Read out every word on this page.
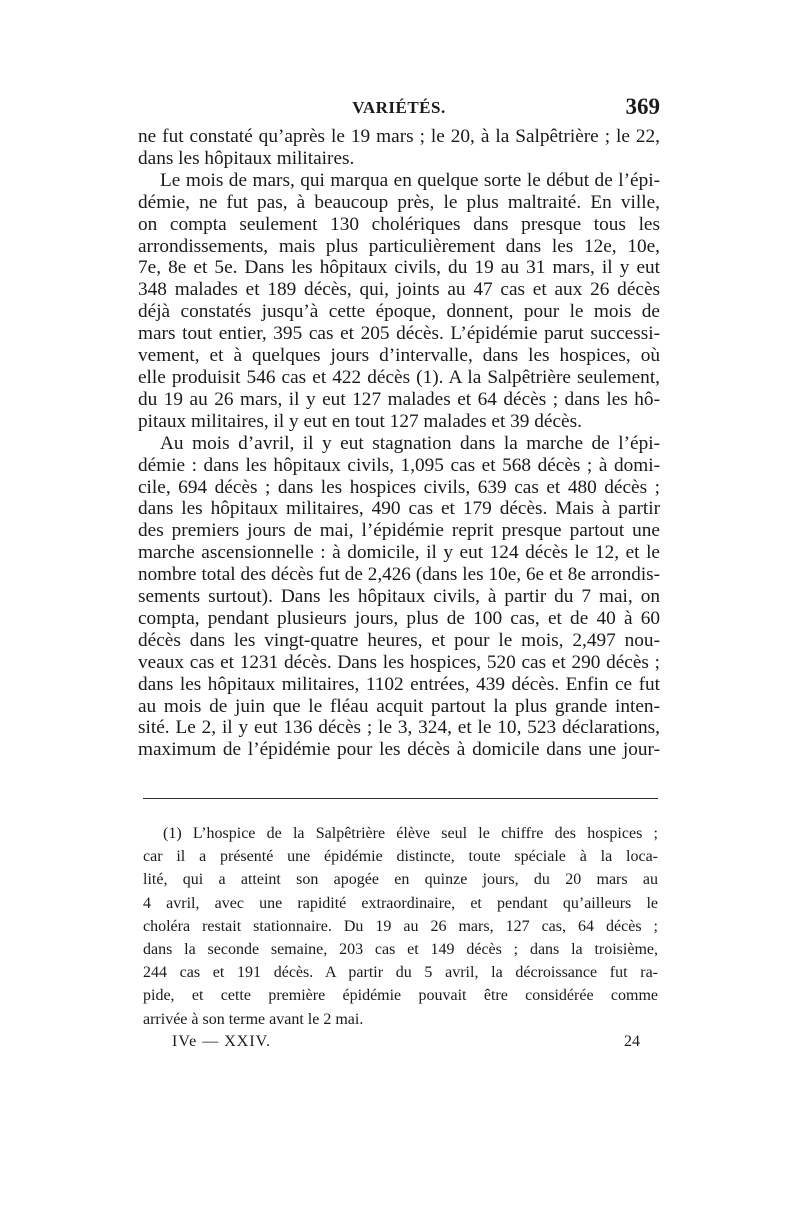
VARIÉTÉS.	369
ne fut constaté qu’après le 19 mars ; le 20, à la Salpêtrière ; le 22,
dans les hôpitaux militaires.
Le mois de mars, qui marqua en quelque sorte le début de l’épi-
démie, ne fut pas, à beaucoup près, le plus maltraité. En ville,
on compta seulement 130 cholériques dans presque tous les
arrondissements, mais plus particulièrement dans les 12e, 10e,
7e, 8e et 5e. Dans les hôpitaux civils, du 19 au 31 mars, il y eut
348 malades et 189 décès, qui, joints au 47 cas et aux 26 décès
déjà constatés jusqu’à cette époque, donnent, pour le mois de
mars tout entier, 395 cas et 205 décès. L’épidémie parut successi-
vement, et à quelques jours d’intervalle, dans les hospices, où
elle produisit 546 cas et 422 décès (1). A la Salpêtrière seulement,
du 19 au 26 mars, il y eut 127 malades et 64 décès ; dans les hô-
pitaux militaires, il y eut en tout 127 malades et 39 décès.
Au mois d’avril, il y eut stagnation dans la marche de l’épi-
démie : dans les hôpitaux civils, 1,095 cas et 568 décès ; à domi-
cile, 694 décès ; dans les hospices civils, 639 cas et 480 décès ;
dans les hôpitaux militaires, 490 cas et 179 décès. Mais à partir
des premiers jours de mai, l’épidémie reprit presque partout une
marche ascensionnelle : à domicile, il y eut 124 décès le 12, et le
nombre total des décès fut de 2,426 (dans les 10e, 6e et 8e arrondis-
sements surtout). Dans les hôpitaux civils, à partir du 7 mai, on
compta, pendant plusieurs jours, plus de 100 cas, et de 40 à 60
décès dans les vingt-quatre heures, et pour le mois, 2,497 nou-
veaux cas et 1231 décès. Dans les hospices, 520 cas et 290 décès ;
dans les hôpitaux militaires, 1102 entrées, 439 décès. Enfin ce fut
au mois de juin que le fléau acquit partout la plus grande inten-
sité. Le 2, il y eut 136 décès ; le 3, 324, et le 10, 523 déclarations,
maximum de l’épidémie pour les décès à domicile dans une jour-
(1) L’hospice de la Salpêtrière élève seul le chiffre des hospices ;
car il a présenté une épidémie distincte, toute spéciale à la loca-
lité, qui a atteint son apogée en quinze jours, du 20 mars au
4 avril, avec une rapidité extraordinaire, et pendant qu’ailleurs le
choléra restait stationnaire. Du 19 au 26 mars, 127 cas, 64 décès ;
dans la seconde semaine, 203 cas et 149 décès ; dans la troisième,
244 cas et 191 décès. A partir du 5 avril, la décroissance fut ra-
pide, et cette première épidémie pouvait être considérée comme
arrivée à son terme avant le 2 mai.
IVe — XXIV.	24
